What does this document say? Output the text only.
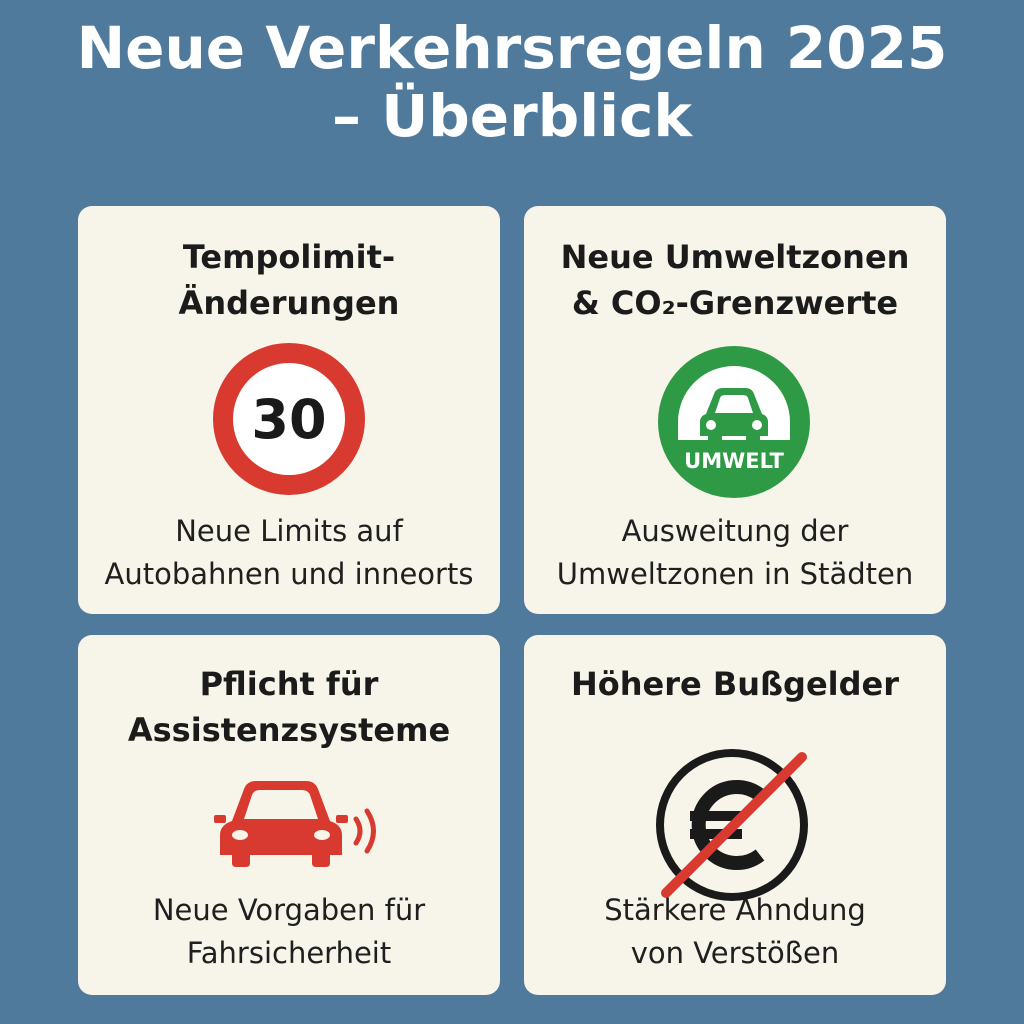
Neue Verkehrsregeln 2025
– Überblick
Tempolimit-
Änderungen
30
Neue Limits auf
Autobahnen und inneorts
Neue Umweltzonen
& CO₂-Grenzwerte
UMWELT
Ausweitung der
Umweltzonen in Städten
Pflicht für
Assistenzsysteme
Neue Vorgaben für
Fahrsicherheit
Höhere Bußgelder
Stärkere Ahndung
von Verstößen
